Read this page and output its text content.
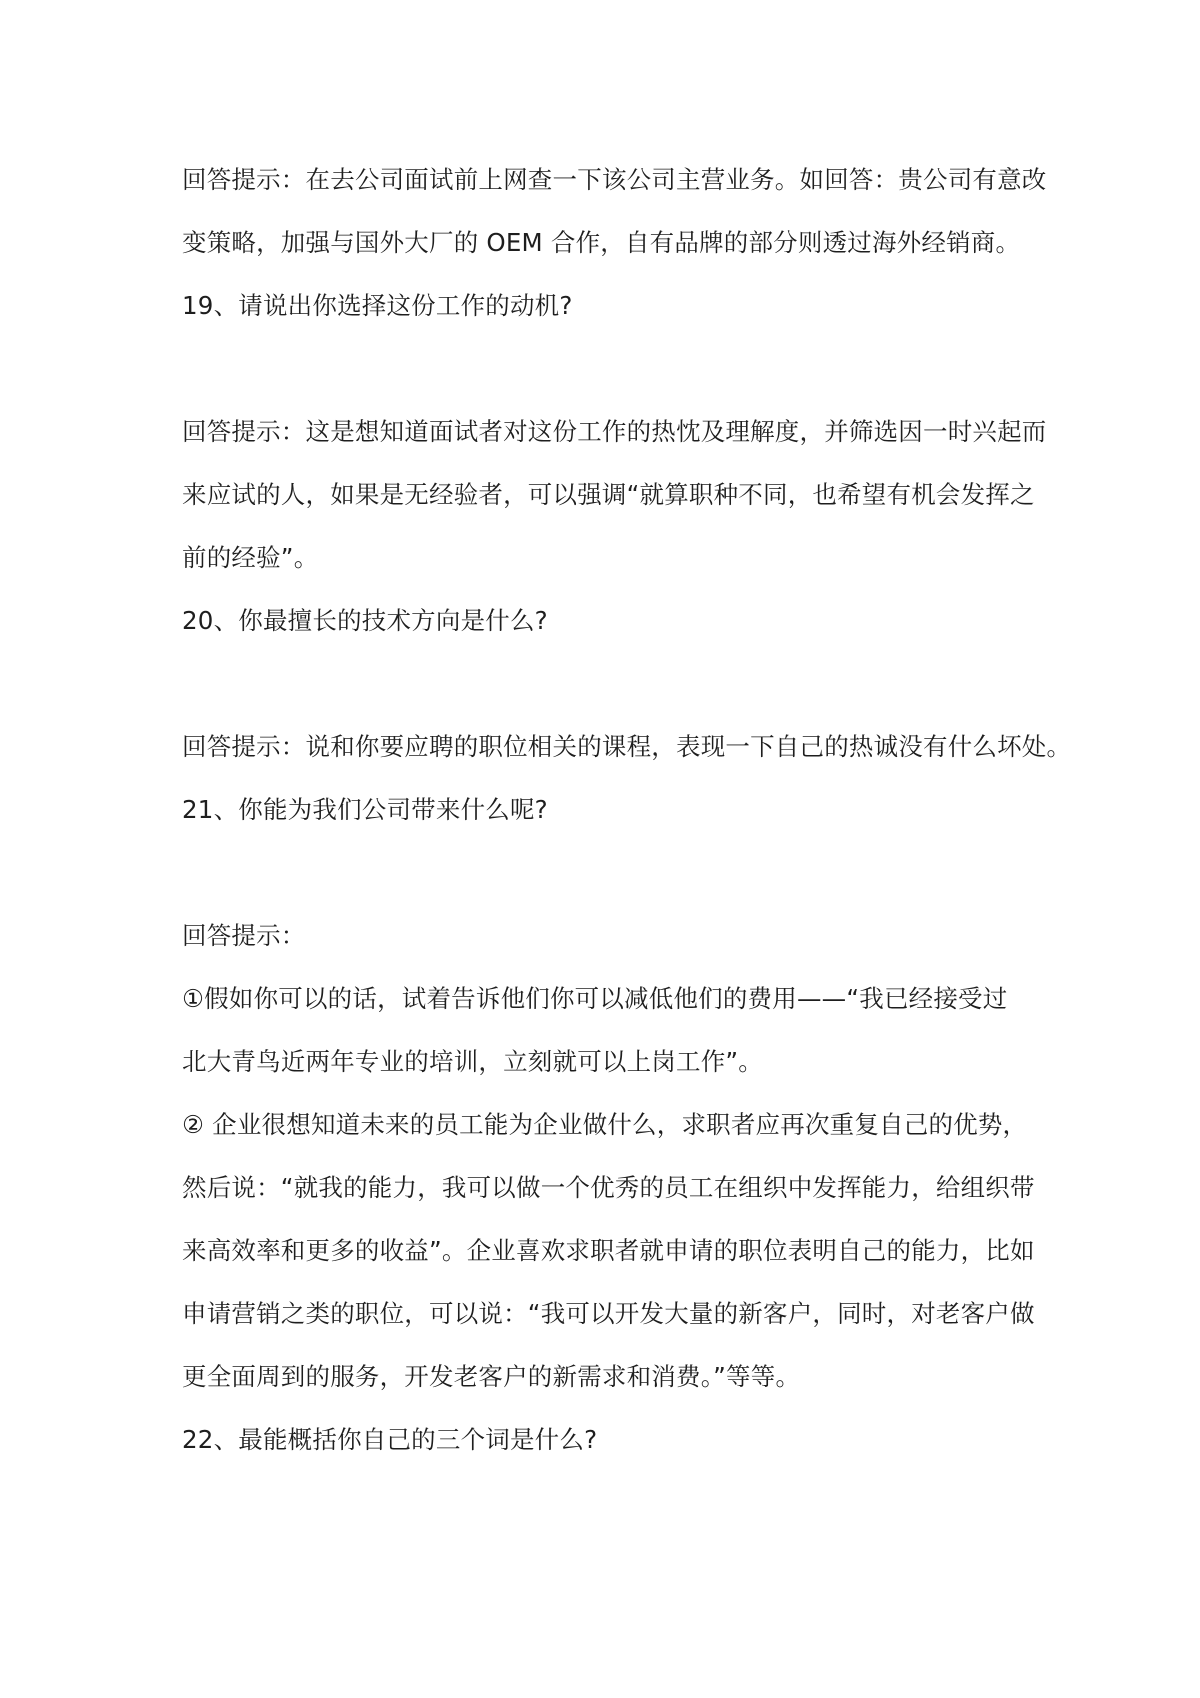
回答提示：在去公司面试前上网查一下该公司主营业务。如回答：贵公司有意改
变策略，加强与国外大厂的 OEM 合作，自有品牌的部分则透过海外经销商。
19、请说出你选择这份工作的动机?
回答提示：这是想知道面试者对这份工作的热忱及理解度，并筛选因一时兴起而
来应试的人，如果是无经验者，可以强调“就算职种不同，也希望有机会发挥之
前的经验”。
20、你最擅长的技术方向是什么?
回答提示：说和你要应聘的职位相关的课程，表现一下自己的热诚没有什么坏处。
21、你能为我们公司带来什么呢?
回答提示：
①假如你可以的话，试着告诉他们你可以减低他们的费用——“我已经接受过
北大青鸟近两年专业的培训，立刻就可以上岗工作”。
② 企业很想知道未来的员工能为企业做什么，求职者应再次重复自己的优势，
然后说：“就我的能力，我可以做一个优秀的员工在组织中发挥能力，给组织带
来高效率和更多的收益”。企业喜欢求职者就申请的职位表明自己的能力，比如
申请营销之类的职位，可以说：“我可以开发大量的新客户，同时，对老客户做
更全面周到的服务，开发老客户的新需求和消费。”等等。
22、最能概括你自己的三个词是什么?
